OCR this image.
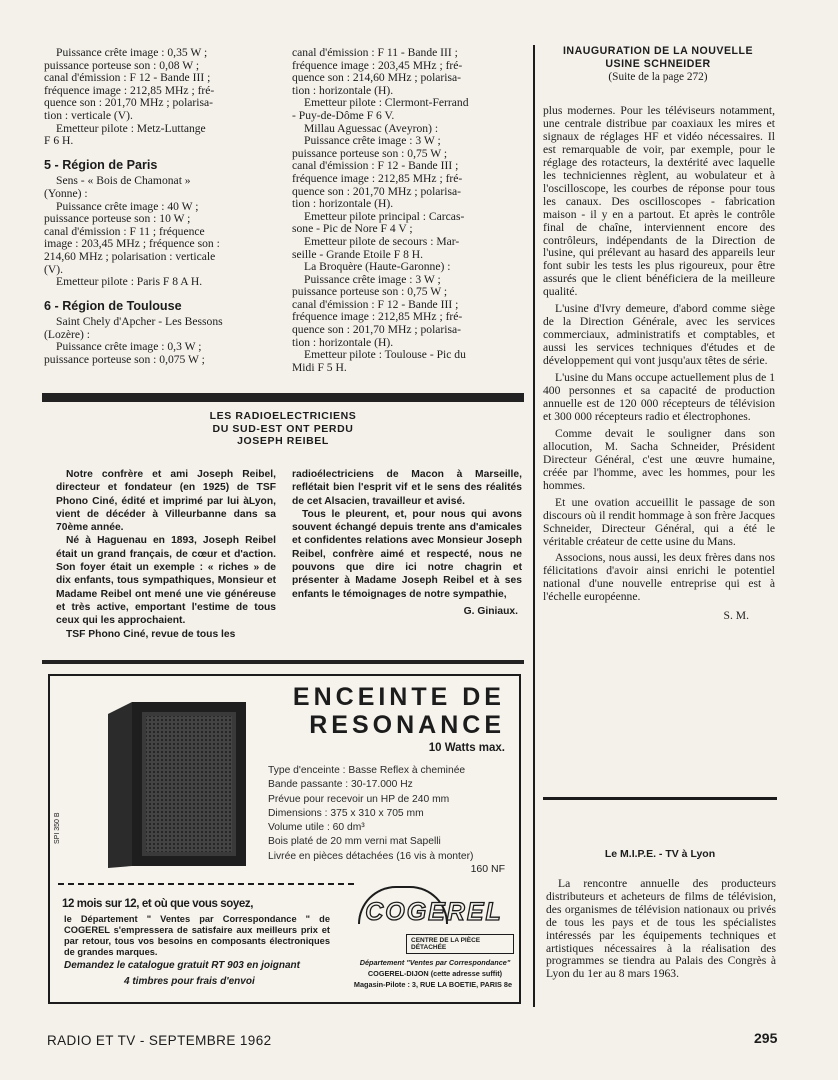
Puissance crête image : 0,35 W ;

puissance porteuse son : 0,08 W ;

canal d'émission : F 12 - Bande III ;

fréquence image : 212,85 MHz ; fré-

quence son : 201,70 MHz ; polarisa-

tion : verticale (V).

Emetteur pilote : Metz-Luttange

F 6 H.

5 - Région de Paris

Sens - « Bois de Chamonat »

(Yonne) :

Puissance crête image : 40 W ;

puissance porteuse son : 10 W ;

canal d'émission : F 11 ; fréquence

image : 203,45 MHz ; fréquence son :

214,60 MHz ; polarisation : verticale

(V).

Emetteur pilote : Paris F 8 A H.

6 - Région de Toulouse

Saint Chely d'Apcher - Les Bessons

(Lozère) :

Puissance crête image : 0,3 W ;

puissance porteuse son : 0,075 W ;

canal d'émission : F 11 - Bande III ;

fréquence image : 203,45 MHz ; fré-

quence son : 214,60 MHz ; polarisa-

tion : horizontale (H).

Emetteur pilote : Clermont-Ferrand

- Puy-de-Dôme F 6 V.

Millau Aguessac (Aveyron) :

Puissance crête image : 3 W ;

puissance porteuse son : 0,75 W ;

canal d'émission : F 12 - Bande III ;

fréquence image : 212,85 MHz ; fré-

quence son : 201,70 MHz ; polarisa-

tion : horizontale (H).

Emetteur pilote principal : Carcas-

sone - Pic de Nore F 4 V ;

Emetteur pilote de secours : Mar-

seille - Grande Etoile F 8 H.

La Broquère (Haute-Garonne) :

Puissance crête image : 3 W ;

puissance porteuse son : 0,75 W ;

canal d'émission : F 12 - Bande III ;

fréquence image : 212,85 MHz ; fré-

quence son : 201,70 MHz ; polarisa-

tion : horizontale (H).

Emetteur pilote : Toulouse - Pic du

Midi F 5 H.

LES RADIOELECTRICIENS
DU SUD-EST ONT PERDU
JOSEPH REIBEL

Notre confrère et ami Joseph Reibel, directeur et fondateur (en 1925) de TSF Phono Ciné, édité et imprimé par lui àLyon, vient de décéder à Villeurbanne dans sa 70ème année.

Né à Haguenau en 1893, Joseph Reibel était un grand français, de cœur et d'action. Son foyer était un exemple : « riches » de dix enfants, tous sympathiques, Monsieur et Madame Reibel ont mené une vie généreuse et très active, emportant l'estime de tous ceux qui les approchaient.

TSF Phono Ciné, revue de tous les

radioélectriciens de Macon à Marseille, reflétait bien l'esprit vif et le sens des réalités de cet Alsacien, travailleur et avisé.

Tous le pleurent, et, pour nous qui avons souvent échangé depuis trente ans d'amicales et confidentes relations avec Monsieur Joseph Reibel, confrère aimé et respecté, nous ne pouvons que dire ici notre chagrin et présenter à Madame Joseph Reibel et à ses enfants le témoignages de notre sympathie,

G. Giniaux.

SPI 350 B
ENCEINTE DE
RESONANCE
10 Watts max.

Type d'enceinte : Basse Reflex à cheminée

Bande passante : 30-17.000 Hz

Prévue pour recevoir un HP de 240 mm

Dimensions : 375 x 310 x 705 mm

Volume utile : 60 dm³

Bois platé de 20 mm verni mat Sapelli

Livrée en pièces détachées (16 vis à monter)

160 NF
12 mois sur 12, et où que vous soyez,
le Département " Ventes par Correspondance " de COGEREL s'empressera de satisfaire aux meilleurs prix et par retour, tous vos besoins en composants électroniques de grandes marques.
Demandez le catalogue gratuit RT 903 en joignant
4 timbres pour frais d'envoi
COGEREL
CENTRE DE LA PIÈCE DÉTACHÉE
Département "Ventes par Correspondance"
COGEREL-DIJON (cette adresse suffit)
Magasin-Pilote : 3, RUE LA BOETIE, PARIS 8e
INAUGURATION DE LA NOUVELLE
USINE SCHNEIDER
(Suite de la page 272)

plus modernes. Pour les téléviseurs notamment, une centrale distribue par coaxiaux les mires et signaux de réglages HF et vidéo nécessaires. Il est remarquable de voir, par exemple, pour le réglage des rotacteurs, la dextérité avec laquelle les techniciennes règlent, au wobulateur et à l'oscilloscope, les courbes de réponse pour tous les canaux. Des oscilloscopes - fabrication maison - il y en a partout. Et après le contrôle final de chaîne, interviennent encore des contrôleurs, indépendants de la Direction de l'usine, qui prélevant au hasard des appareils leur font subir les tests les plus rigoureux, pour être assurés que le client bénéficiera de la meilleure qualité.

L'usine d'Ivry demeure, d'abord comme siège de la Direction Générale, avec les services commerciaux, administratifs et comptables, et aussi les services techniques d'études et de développement qui vont jusqu'aux têtes de série.

L'usine du Mans occupe actuellement plus de 1 400 personnes et sa capacité de production annuelle est de 120 000 récepteurs de télévision et 300 000 récepteurs radio et électrophones.

Comme devait le souligner dans son allocution, M. Sacha Schneider, Président Directeur Général, c'est une œuvre humaine, créée par l'homme, avec les hommes, pour les hommes.

Et une ovation accueillit le passage de son discours où il rendit hommage à son frère Jacques Schneider, Directeur Général, qui a été le véritable créateur de cette usine du Mans.

Associons, nous aussi, les deux frères dans nos félicitations d'avoir ainsi enrichi le potentiel national d'une nouvelle entreprise qui est à l'échelle européenne.

S. M.

Le M.I.P.E. - TV à Lyon
La rencontre annuelle des producteurs distributeurs et acheteurs de films de télévision, des organismes de télévision nationaux ou privés de tous les pays et de tous les spécialistes intéressés par les équipements techniques et artistiques nécessaires à la réalisation des programmes se tiendra au Palais des Congrès à Lyon du 1er au 8 mars 1963.
RADIO ET TV - SEPTEMBRE 1962	295
